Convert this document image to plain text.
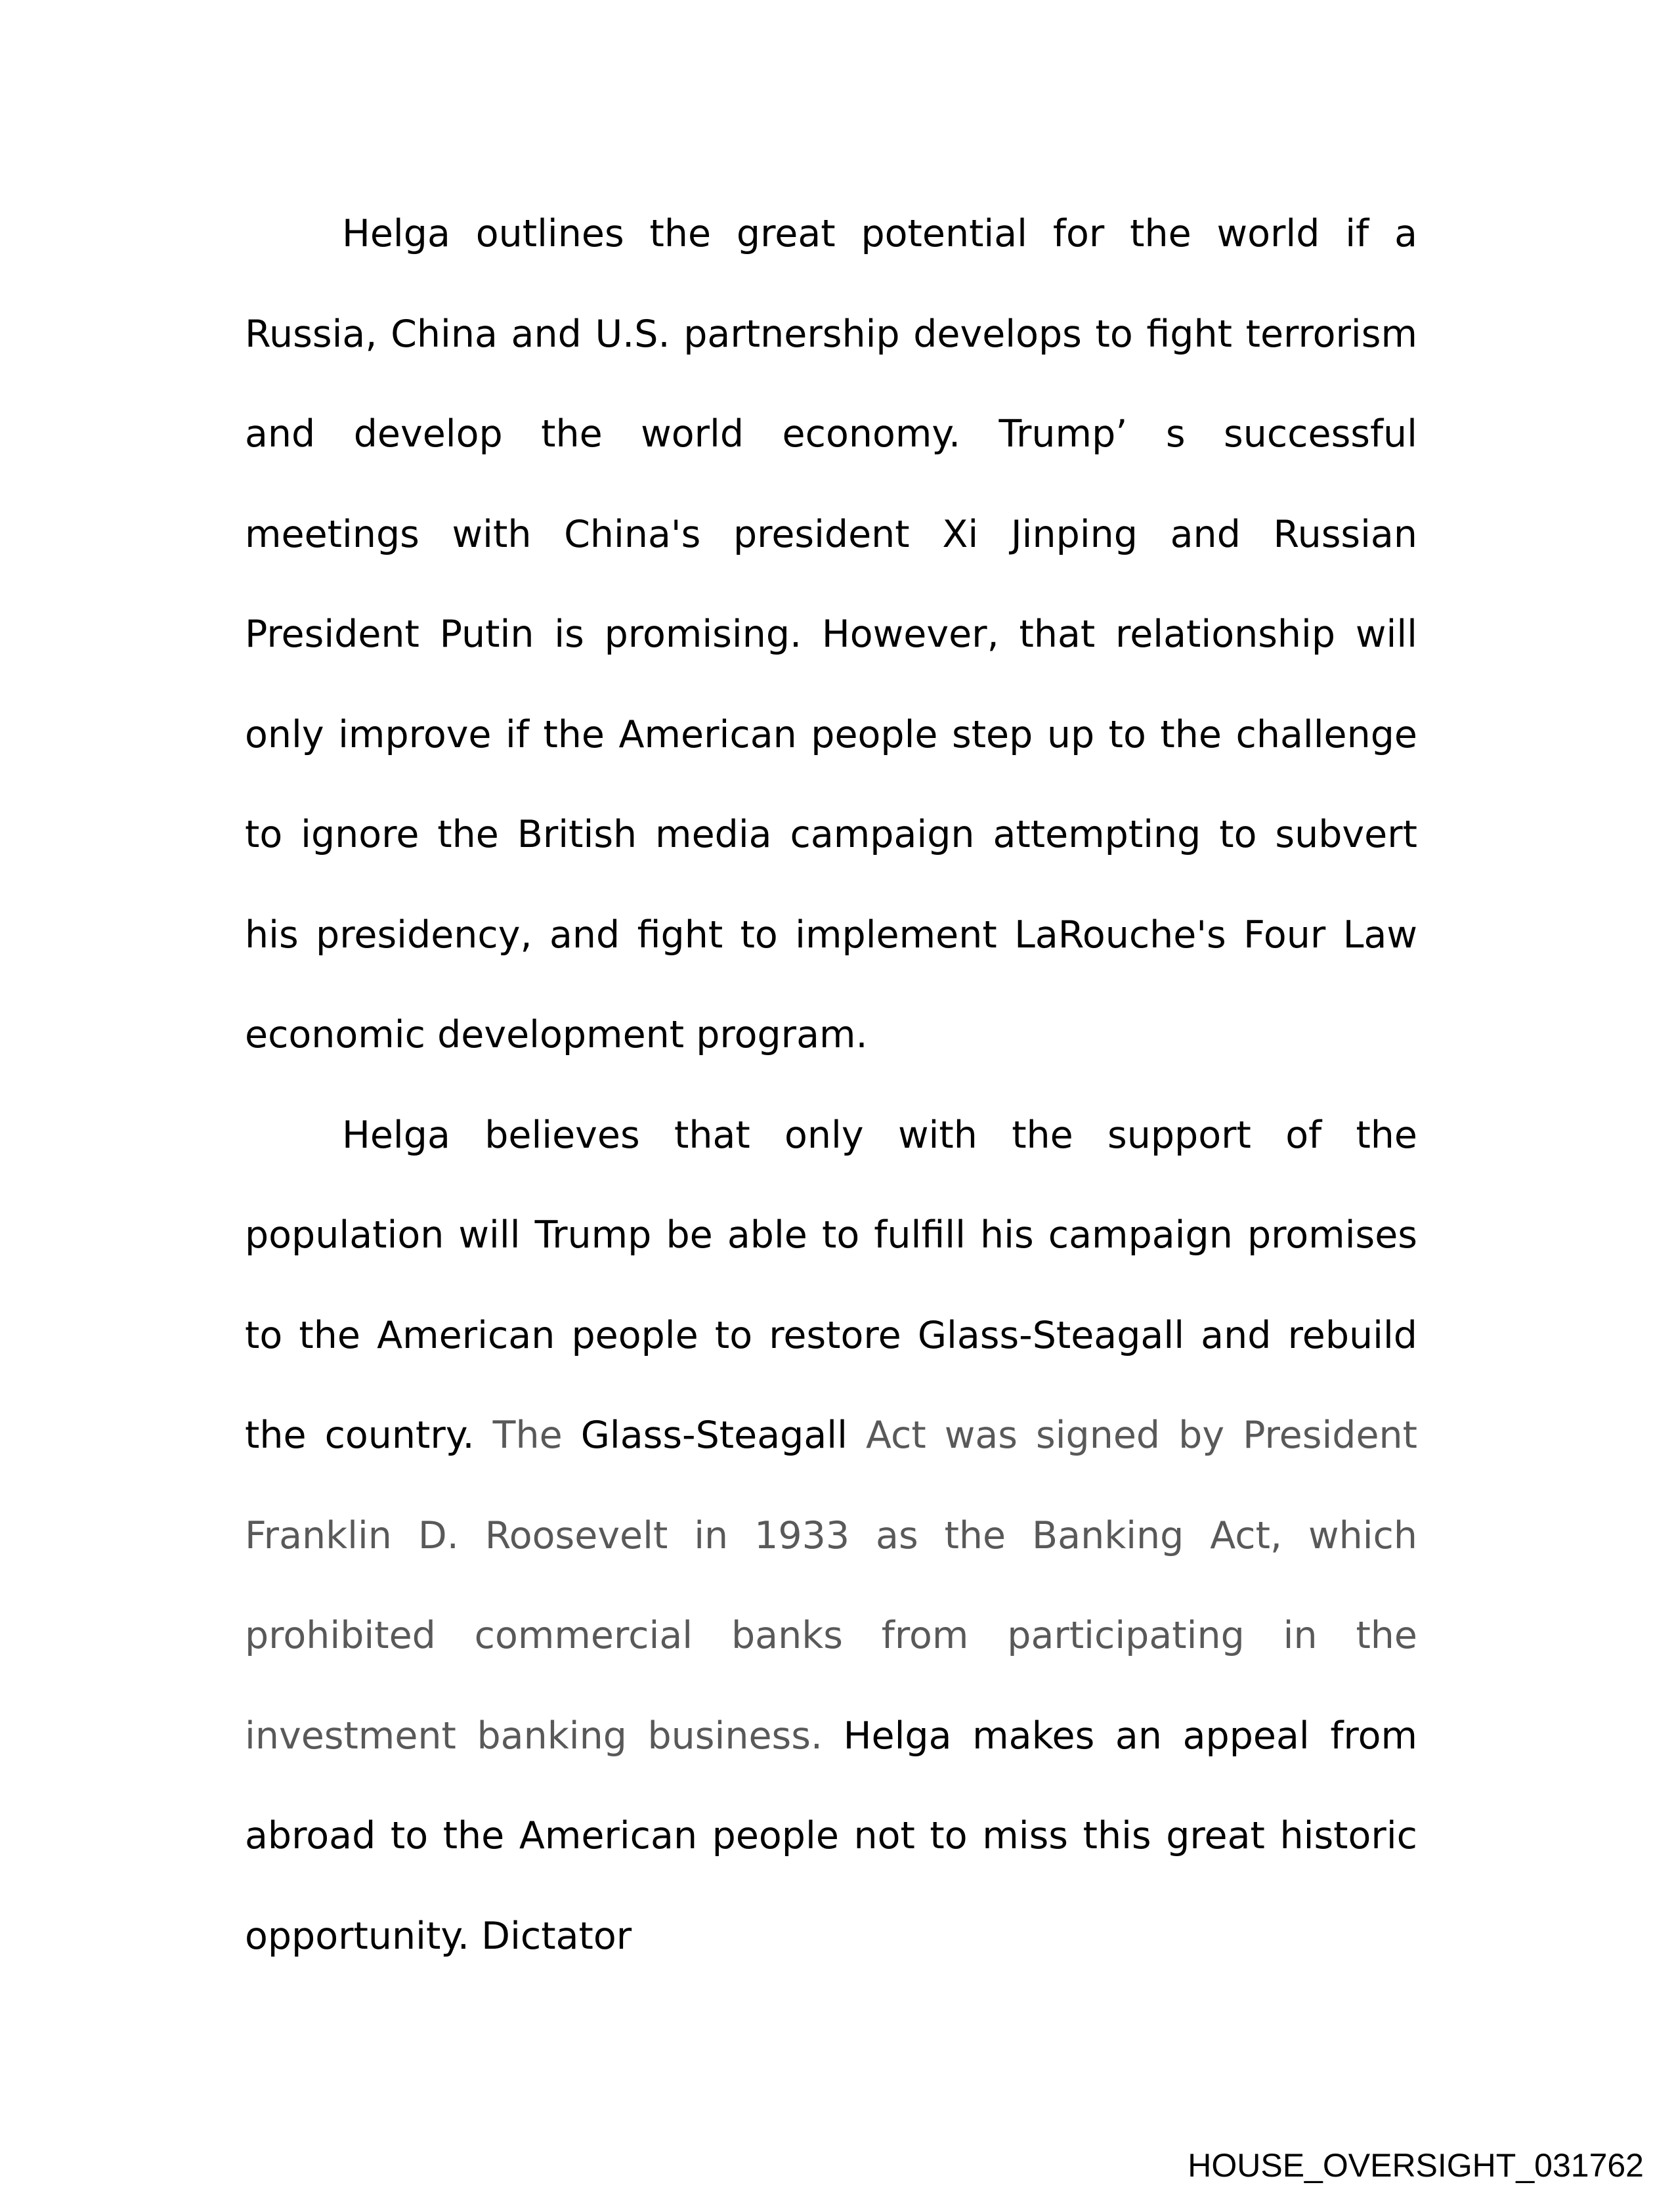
Helga outlines the great potential for the world if a Russia, China and U.S. partnership develops to fight terrorism and develop the world economy. Trump’ s successful meetings with China's president Xi Jinping and Russian President Putin is promising. However, that relationship will only improve if the American people step up to the challenge to ignore the British media campaign attempting to subvert his presidency, and fight to implement LaRouche's Four Law economic development program.

Helga believes that only with the support of the population will Trump be able to fulfill his campaign promises to the American people to restore Glass-Steagall and rebuild the country. The Glass-Steagall Act was signed by President Franklin D. Roosevelt in 1933 as the Banking Act, which prohibited commercial banks from participating in the investment banking business. Helga makes an appeal from abroad to the American people not to miss this great historic opportunity. Dictator

HOUSE_OVERSIGHT_031762
